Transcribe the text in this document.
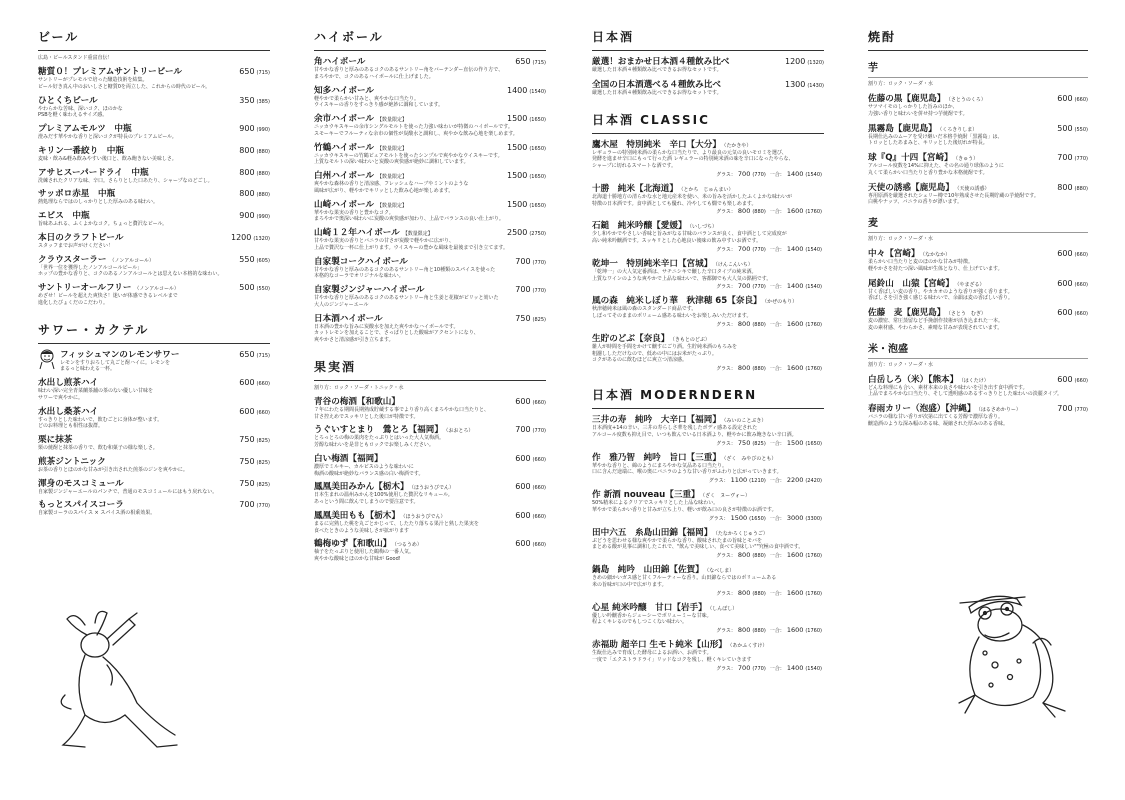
ビール
広島・ビールスタンド重富直伝！
糖質０！プレミアムサントリービール	650 (715)
サントリーがプレモルで培った醸造技術を結集。
ビール好き真ん中のおいしさと糖質0を両立した、これからの時代のビール。
ひとくちビール	350 (385)
やわらかな苦味、深いコク、ほのかな
PSBを軽く味わえるサイズ感。
プレミアムモルツ　中瓶	900 (990)
澄みだす華やかな香りと深いコクが特長のプレミアムビール。
キリン一番絞り　中瓶	800 (880)
麦味・飲み&軽み飲みやすい後口と、飲み飽きない美味しさ。
アサヒスーパードライ　中瓶	800 (880)
洗練されたクリアな味、辛口。さらりとした口あたり、シャープなのどごし。
サッポロ赤星　中瓶	800 (880)
熱処理ならではのしっかりとした厚みのある味わい。
エビス　中瓶	900 (990)
旨味あふれる、ふくよかなコク。ちょっと贅沢なビール。
本日のクラフトビール	1200 (1320)
スタッフまでお声がけください！
クラウスターラー （ノンアルコール）	550 (605)
「世界一位を獲得したノンアルコールビール」
ホップの豊かな香りと、コクのあるノンアルコールとは思えない本格的な味わい。
サントリーオールフリー （ノンアルコール）	500 (550)
めざせ！ビールを超えた爽快さ！迷いが体感できるレベルまで
進化したびょくだのこだわり。
サワー・カクテル
フィッシュマンのレモンサワー	650 (715)
レモンをすりおろして丸ごと酎ハイに。レモンを
まるっと味わえる一杯。
水出し煎茶ハイ	600 (660)
味わい深い完全青菜蘭茶舗の茶のない優しい甘味を
サワーで爽やかに。
水出し桑茶ハイ	600 (660)
すっきりとした味わいで、飲むごとに身体が整います。
どのお料理とも相性は抜群。
栗に抹茶	750 (825)
栗の焼酎と抹茶の香りで、飲む和菓子の様な楽しさ。
煎茶ジントニック	750 (825)
お茶の香りとほのかな甘みが引き出された煎茶のジンを爽やかに。
渾身のモスコミュール	750 (825)
自家製ジンジャーエールのパンチで、普通のモスコミュールにはもう戻れない。
もっとスパイスコーラ	700 (770)
自家製コーラのスパイス × スパイス酒の相乗効果。
ハイボール
角ハイボール	650 (715)
甘やかな香りと厚みのあるコクのあるサントリー角をバーテンダー直伝の作り方で、
まろやかで、コクのあるハイボールに仕上げました。
知多ハイボール	1400 (1540)
軽やかで柔らかい甘みと、爽やかな口当たり。
ウイスキーの香りをすっきり感が絶妙に調和しています。
余市ハイボール 【数量限定】	1500 (1650)
ニッカウキスキーの余市シングルモルトを使った力強い味わいが特徴のハイボールです。
スモーキーでフルーティな余市の個性が炭酸水と調和し、爽やかな飲み心地を楽しめます。
竹鶴ハイボール 【数量限定】	1500 (1650)
ニッカウキスキーの竹鶴ピュアモルトを使ったシンプルで爽やかなウイスキーです。
上質なモルトの深い味わいと炭酸の爽快感が絶妙に調和しています。
白州ハイボール 【数量限定】	1500 (1650)
爽やかな森林の香りと清涼感、フレッシュなハーブやミントのような
風味が広がり、軽やかでキリッとした飲み心地が楽しめます。
山崎ハイボール 【数量限定】	1500 (1650)
華やかな果実の香りと豊かなコク。
まろやかで奥深い味わいに炭酸の爽快感が加わり、上品でバランスの良い仕上がり。
山崎１２年ハイボール 【数量限定】	2500 (2750)
甘やかな果実の香りとバニラの甘さが炭酸で軽やかに広がり、
上品で贅沢な一杯に仕上がります。ウイスキーの豊かな風味を最後まで引き立てます。
自家製コークハイボール	700 (770)
甘やかな香りと厚みのあるコクのあるサントリー角と10種類のスパイスを使った
本格的なコーラでオリジナルな味わい。
自家製ジンジャーハイボール	700 (770)
甘やかな香りと厚みのあるコクのあるサントリー角と生姜と花椒がピリッと効いた
大人のジンジャーエール
日本酒ハイボール	750 (825)
日本酒の豊かな旨みに炭酸水を加えた爽やかなハイボールです。
カットレモンを加えることで、さっぱりとした酸味がアクセントになり、
爽やかさと清涼感が引き立ちます。
果実酒
割り方：ロック・ソーダ・トニック・水
青谷の梅酒【和歌山】	600 (660)
７年にわたる期間長期熟成貯蔵する事でより香り高くまろやかな口当たりと、
甘さ控えめでスッキリとした後口が特徴です。
うぐいすとまり　鶯とろ【福岡】 （おおとろ）	700 (770)
とろっとろの梅の果肉をたっぷりとはいった大人気梅酒。
芳醇な味わいを是非ともロックでお楽しみください。
白い梅酒【福岡】	600 (660)
濃厚でミルキー、カルピスのような味わいに
梅酒の酸味が絶妙なバランス感の白い梅酒です。
鳳凰美田みかん【栃木】 （ほうおうびでん）	600 (660)
日本生まれの温州みかんを100%使用した贅沢なリキュール。
あっという間に飲んでしまうので要注意です。
鳳凰美田もも【栃木】 （ほうおうびでん）	600 (660)
まるに完熟した桃を丸ごとかじって、したたり落ちる果汁と熟した果実を
食べたときのような美味しさが拡がります
鶴梅ゆず【和歌山】 （つるうめ）	600 (660)
柚子をたっぷりと使用した鶴梅の一番人気。
爽やかな酸味とほのかな甘味が Good!
日本酒
厳選！おまかせ日本酒４種飲み比べ	1200 (1320)
厳選した日本酒４種類飲み比べできるお得なセットです。
全国の日本酒選べる４種飲み比べ	1300 (1430)
厳選した日本酒４種類飲み比べできるお得なセットです。
日本酒 CLASSIC
鷹木屋　特別純米　辛口【大分】 （たかきや）
レギュラーの特別純米酒の柔らかな口当たりで、より最良の元気の良いモロミを選び、
発酵を進ませ辛口にもって行った酒 レギュラーの特別純米酒の味を辛口になったやらな、
シャープに切れるスマートな酒です。
グラス： 700 (770) 一合： 1400 (1540)
十勝　純米【北海道】 （とかち　じゅんまい）
北海道十勝地方の清らかな水と地元産米を使い、米の旨みを活かしたふくよかな味わいが
特徴の日本酒です。食中酒としても優れ、冷やしても燗でも楽しめます。
グラス： 800 (880) 一合： 1600 (1760)
石鎚　純米吟醸【愛媛】 （いしづち）
少し和やかでやさしい香味と旨みがなる甘味のバランスが良く、食中酒として完成度が
高い純米吟醸酒です。スッキリとした心地良い後味の飲み中すいお酒です。
グラス： 700 (770) 一合： 1400 (1540)
乾坤一　特別純米辛口【宮城】 （けんこんいち）
「乾坤一」の大人気定番酒は、サチニシキで醸した辛口タイプの純米酒。
上質なワインのような爽やかで上品な味わいで、客都御でも大人気の銘柄です。
グラス： 700 (770) 一合： 1400 (1540)
風の森　純米しぼり華　秋津穂 65【奈良】 （かぜのもり）
秋津穂純米は風の森のスタンダード商品です。
しぼってそのままのボリューム感ある味わいをお楽しみいただけます。
グラス： 800 (880) 一合： 1600 (1760)
生貯のどぶ【奈良】 （きもとのどぶ）
雑人が時間を手間をかけて醸すにごり酒。生貯純米酒のもろみを
粗濾ししただけなので、低めの中にはお米がたっぷり。
コクがあるのに飲むほどに爽立つ清涼感。
グラス： 800 (880) 一合： 1600 (1760)
日本酒 MODERNDERN
三井の寿　純吟　大辛口【福岡】 （みいのことぶき）
日本酒度+14の辛い、三井の寿らしさ華を残したボディ感ある設定された
アルコール度数も抑え目で、いつも飲んでいる日本酒より、軽やかに飲み飽きない辛口酒。
グラス： 750 (825) 一合： 1500 (1650)
作　雅乃智　純吟　旨口【三重】 （ざく　みやびのとも）
華やかな香りと、綿のようにまろやかな気品ある口当たり。
口に含んだ途端に、喉の奥にバニラのような甘い香りがふわりと広がっていきます。
グラス： 1100 (1210) 一合： 2200 (2420)
作 新酒 nouveau【三重】 （ざく　ヌーヴォー）
50%精米によるクリアでスッキリとした上品な味わい。
華やかで柔らかい香りと甘みが立ち上り、軽いが飲み口の良さが特徴のお酒です。
グラス： 1500 (1650) 一合： 3000 (3300)
田中六五　糸島山田錦【福岡】 （たなかろくじゅうご）
ぶどうを思わせる様な爽やかで柔らかな香り、酸味されたまの旨味とモバを
まとめる酸が見事に調和したこれで、"飲んで美味しい、食べて美味しい""究極の食中酒です。
グラス： 800 (880) 一合： 1600 (1760)
鍋島　純吟　山田錦【佐賀】 （なべしま）
きめの細かいガス感と甘くフルーティーな香り。山田錦ならではのボリュームある
米の旨味が口の中で広がります。
グラス： 800 (880) 一合： 1600 (1760)
心星 純米吟醸　甘口【岩手】 （しんぼし）
優しい吟醸香からジューシーでボリューミーな甘味。
程よくキレるのでもしつこくない味わい。
グラス： 800 (880) 一合： 1600 (1760)
赤福助 超辛口 生モト純米【山形】 （あかふくすけ）
生酛仕込みで育成した酵母によるお酒い、お酒です。
一度で「エクストラドライ」リッドなコクを残し、軽くキレていきます
グラス： 700 (770) 一合： 1400 (1540)
焼酎
芋
割り方：ロック・ソーダ・水
佐藤の黒【鹿児島】 （さとうのくろ）	600 (660)
サツマイモのしっかりした旨みのほか、
力強い香りと味わいを併せ持つ芋焼酎です。
黒霧島【鹿児島】 （くろきりしま）	500 (550)
長期仕込みのムーアを受け継いだ本格芋焼酎「黒霧島」は、
トロッとしたあまみと、キリッとした後切れが特長。
球『Q』十四【宮崎】 （きゅう）	700 (770)
アルコール度数を14%に抑えた、その名の通り球体のように
丸くて柔らかい口当たりと香り豊かな本格焼酎です。
天使の誘惑【鹿児島】 （天使の誘惑）	800 (880)
専用原酒を厳選されたシェリー樽で10年熟成させた長期貯蔵の芋焼酎です。
白桃やナッツ、バニラの香りが漂います。
麦
割り方：ロック・ソーダ・水
中々【宮崎】 （なかなか）	600 (660)
柔らかい口当たりと麦のほのかな甘みが特徴。
軽やかさを持たつ深い風味が生体となり、仕上げています。
尾鈴山　山猿【宮崎】 （やまざる）	600 (660)
甘く香ばしい麦の香り。やカカオのような香りが強く香ります。
香ばしさを引き強く感じる味わいで、余韻は麦の香ばしい香り。
佐藤　麦【鹿児島】 （さとう　むぎ）	600 (660)
麦の濃密、常圧蒸留など手挽創作技術が活き込まれた一本。
麦の素材感、やわらかさ、素晴な甘みが表現されています。
米・泡盛
割り方：ロック・ソーダ・水
白岳しろ（米）【熊本】 （はくたけ）	600 (660)
どんな料理にも合い、素材本来の良さや味わいを引き出す食中酒です。
上品でまろやかな口当たり、そして透明感のあるすっきりとした味わいの淡麗タイプ。
春雨カリー（泡盛）【沖縄】 （はるさめかりー）	700 (770)
バニラの様な甘い香りが次第に出てくる芳醇で濃厚な香り。
醸造酒のような深み幅のある味、凝縮された厚みのある香味。
